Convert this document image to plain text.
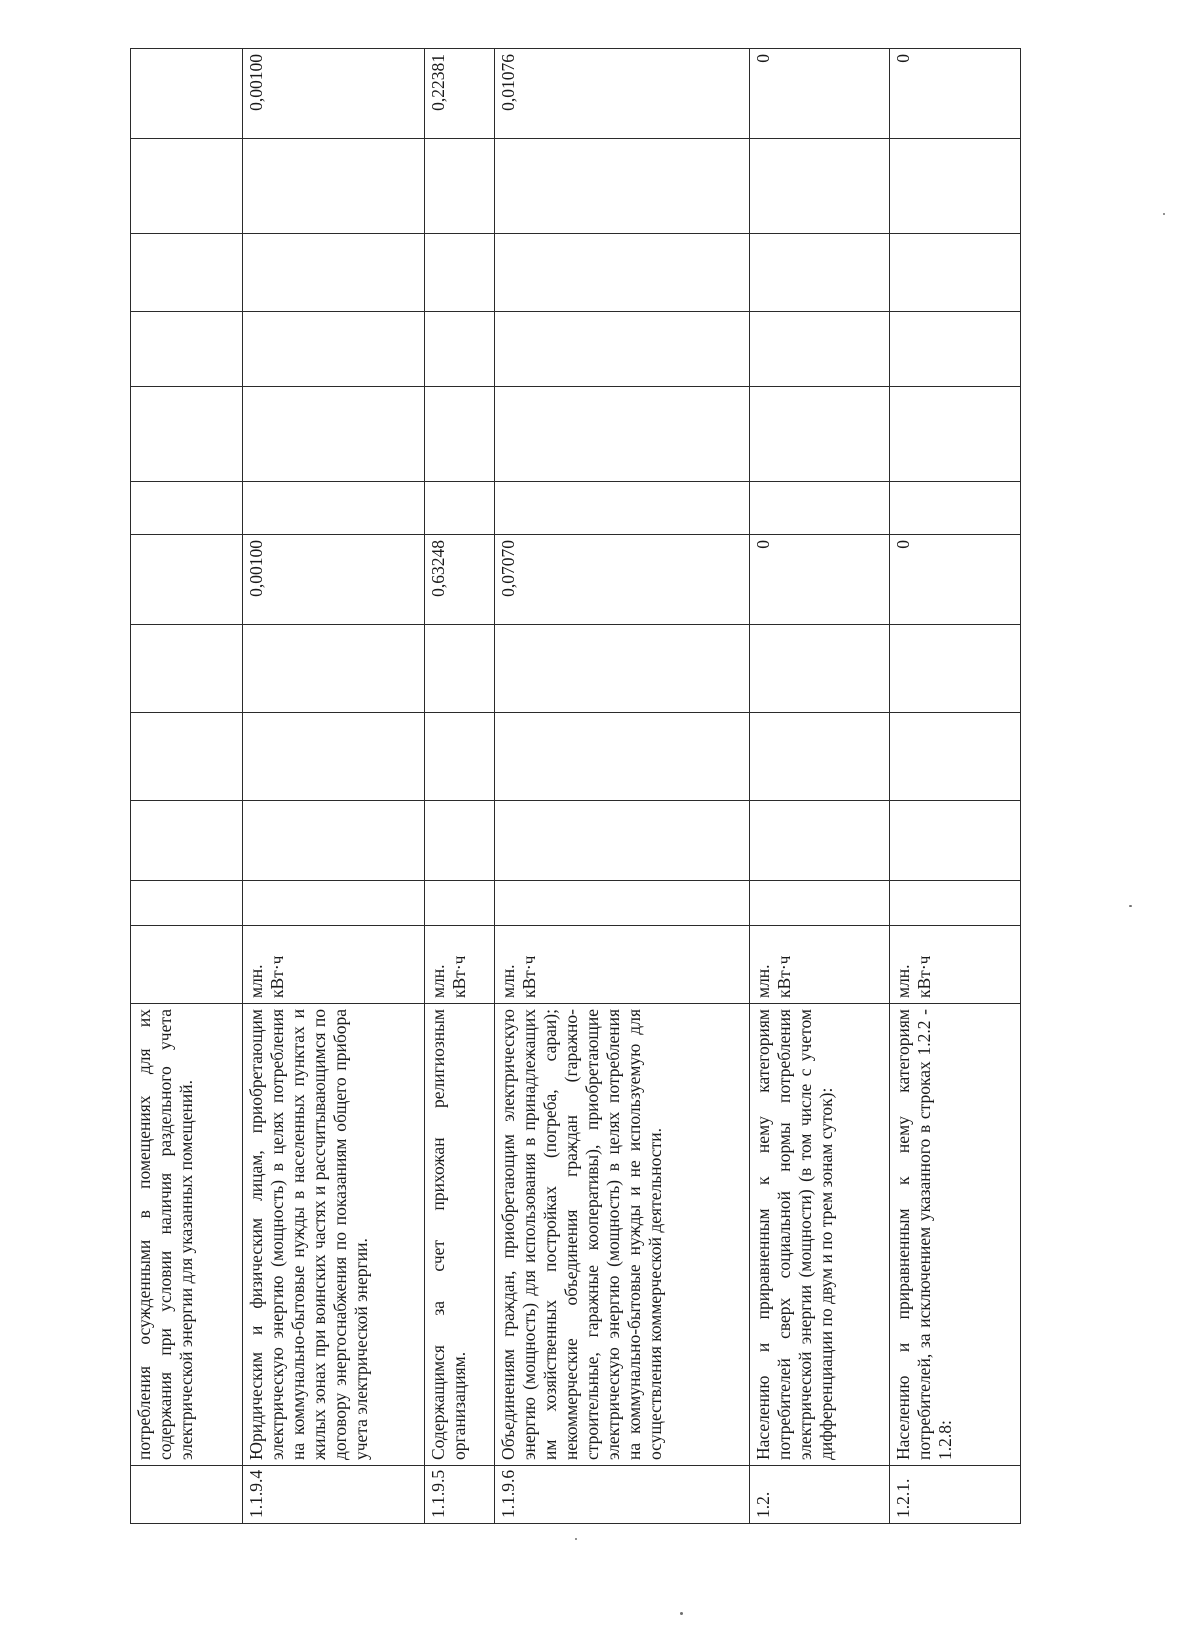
	потребления осужденными в помещениях для их содержания при условии наличия раздельного учета электрической энергии для указанных помещений.												
1.1.9.4	Юридическим и физическим лицам, приобретающим электрическую энергию (мощность) в целях потребления на коммунально-бытовые нужды в населенных пунктах и жилых зонах при воинских частях и рассчитывающимся по договору энергоснабжения по показаниям общего прибора учета электрической энергии.	млн. кВт·ч					0,00100						0,00100
1.1.9.5	Содержащимся за счет прихожан религиозным организациям.	млн. кВт·ч					0,63248						0,22381
1.1.9.6	Объединениям граждан, приобретающим электрическую энергию (мощность) для использования в принадлежащих им хозяйственных постройках (погреба, сараи); некоммерческие объединения граждан (гаражно-строительные, гаражные кооперативы), приобретающие электрическую энергию (мощность) в целях потребления на коммунально-бытовые нужды и не используемую для осуществления коммерческой деятельности.	млн. кВт·ч					0,07070						0,01076
1.2.	Населению и приравненным к нему категориям потребителей сверх социальной нормы потребления электрической энергии (мощности) (в том числе с учетом дифференциации по двум и по трем зонам суток):	млн. кВт·ч					0						0
1.2.1.	Населению и приравненным к нему категориям потребителей, за исключением указанного в строках 1.2.2 - 1.2.8:	млн. кВт·ч					0						0
